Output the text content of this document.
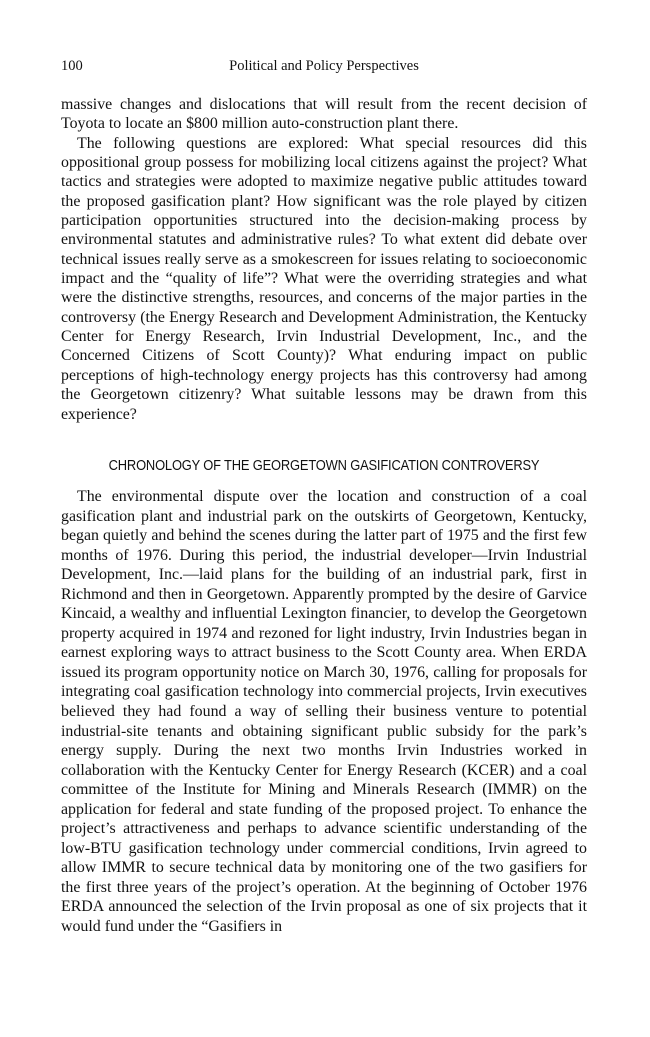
100	Political and Policy Perspectives

massive changes and dislocations that will result from the recent decision of Toyota to locate an $800 million auto-construction plant there.

The following questions are explored: What special resources did this oppositional group possess for mobilizing local citizens against the project? What tactics and strategies were adopted to maximize negative public attitudes toward the proposed gasification plant? How significant was the role played by citizen participation opportunities structured into the decision-making process by environmental statutes and administrative rules? To what extent did debate over technical issues really serve as a smokescreen for issues relating to socioeconomic impact and the “quality of life”? What were the overriding strategies and what were the distinctive strengths, resources, and concerns of the major parties in the controversy (the Energy Research and Development Administration, the Kentucky Center for Energy Research, Irvin Industrial Development, Inc., and the Concerned Citizens of Scott County)? What enduring impact on public perceptions of high-technology energy projects has this controversy had among the Georgetown citizenry? What suitable lessons may be drawn from this experience?

CHRONOLOGY OF THE GEORGETOWN GASIFICATION CONTROVERSY

The environmental dispute over the location and construction of a coal gasification plant and industrial park on the outskirts of Georgetown, Kentucky, began quietly and behind the scenes during the latter part of 1975 and the first few months of 1976. During this period, the industrial developer—Irvin Industrial Development, Inc.—laid plans for the building of an industrial park, first in Richmond and then in Georgetown. Apparently prompted by the desire of Garvice Kincaid, a wealthy and influential Lexington financier, to develop the Georgetown property acquired in 1974 and rezoned for light industry, Irvin Industries began in earnest exploring ways to attract business to the Scott County area. When ERDA issued its program opportunity notice on March 30, 1976, calling for proposals for integrating coal gasification technology into commercial projects, Irvin executives believed they had found a way of selling their business venture to potential industrial-site tenants and obtaining significant public subsidy for the park’s energy supply. During the next two months Irvin Industries worked in collaboration with the Kentucky Center for Energy Research (KCER) and a coal committee of the Institute for Mining and Minerals Research (IMMR) on the application for federal and state funding of the proposed project. To enhance the project’s attractiveness and perhaps to advance scientific understanding of the low-BTU gasification technology under commercial conditions, Irvin agreed to allow IMMR to secure technical data by monitoring one of the two gasifiers for the first three years of the project’s operation. At the beginning of October 1976 ERDA announced the selection of the Irvin proposal as one of six projects that it would fund under the “Gasifiers in
